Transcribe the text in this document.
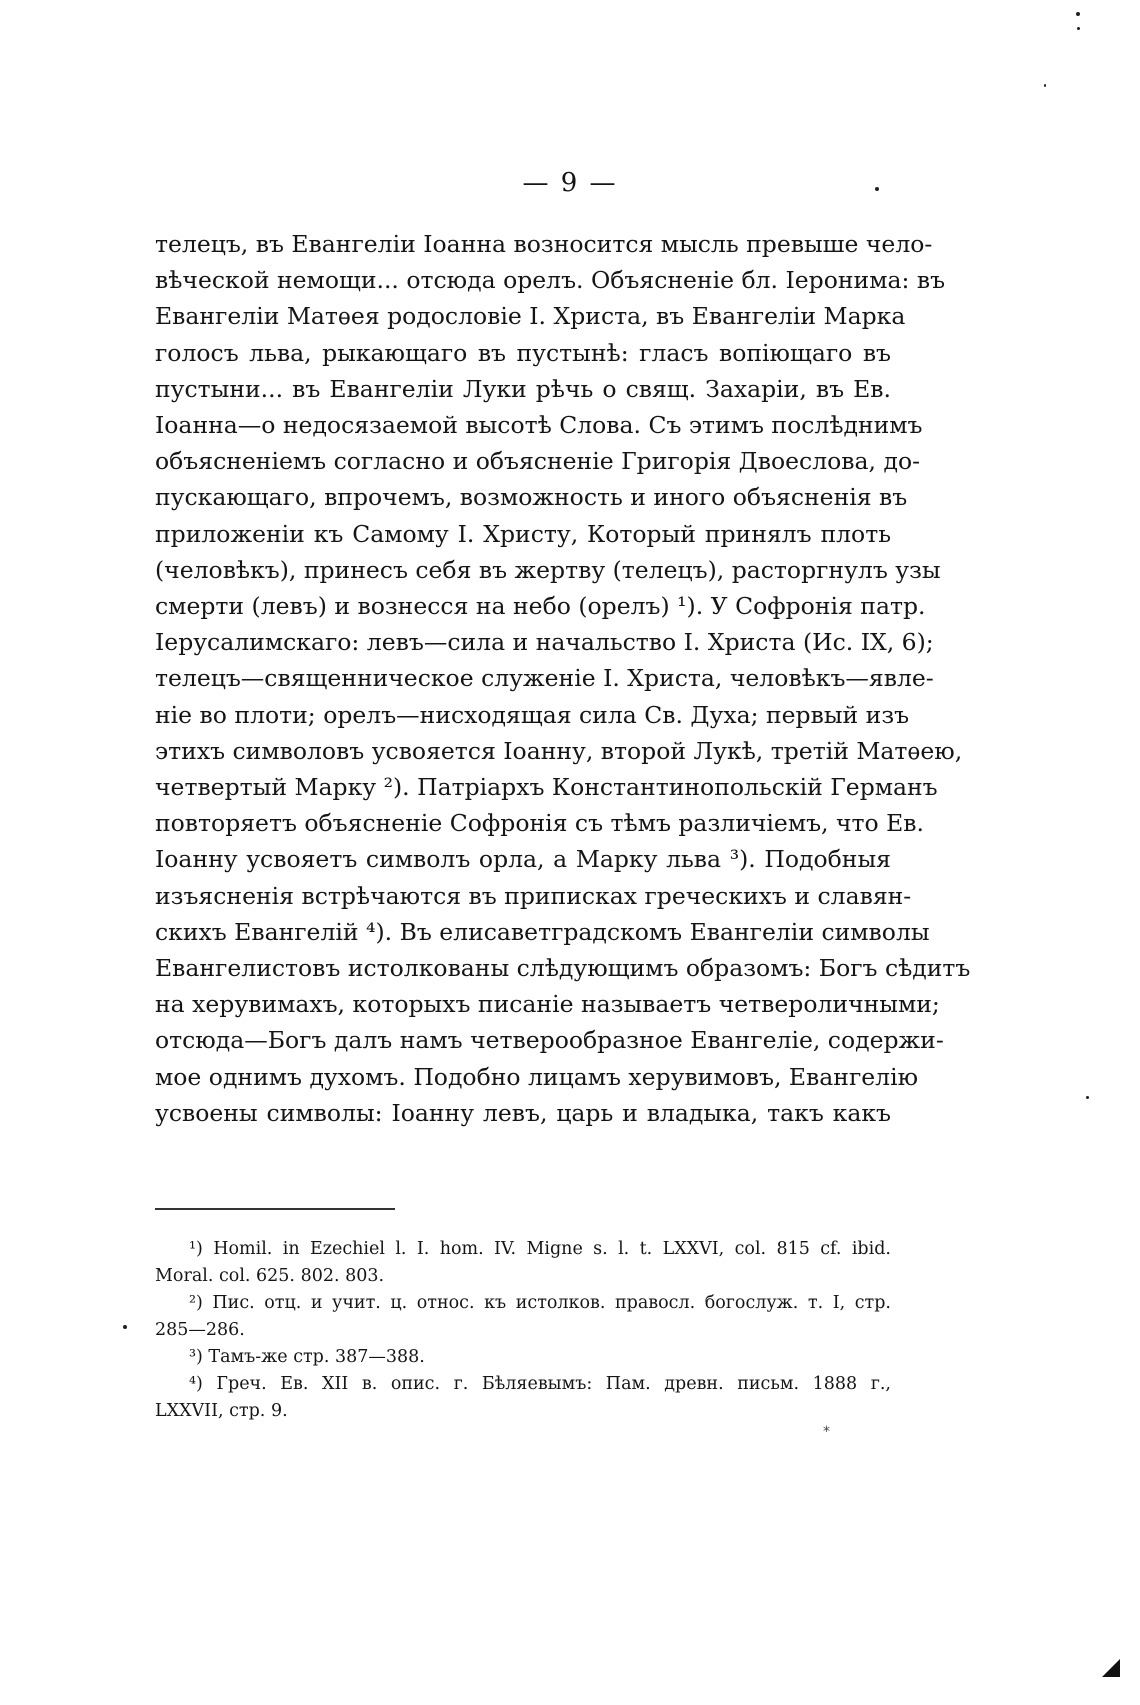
— 9 —
телецъ, въ Евангеліи Іоанна возносится мысль превыше чело-
вѣческой немощи... отсюда орелъ. Объясненіе бл. Іеронима: въ
Евангеліи Матѳея родословіе І. Христа, въ Евангеліи Марка
голосъ льва, рыкающаго въ пустынѣ: гласъ вопіющаго въ
пустыни... въ Евангеліи Луки рѣчь о свящ. Захаріи, въ Ев.
Іоанна—о недосязаемой высотѣ Слова. Съ этимъ послѣднимъ
объясненіемъ согласно и объясненіе Григорія Двоеслова, до-
пускающаго, впрочемъ, возможность и иного объясненія въ
приложеніи къ Самому І. Христу, Который принялъ плоть
(человѣкъ), принесъ себя въ жертву (телецъ), расторгнулъ узы
смерти (левъ) и вознесся на небо (орелъ) ¹). У Софронія патр.
Іерусалимскаго: левъ—сила и начальство І. Христа (Ис. IX, 6);
телецъ—священническое служеніе І. Христа, человѣкъ—явле-
ніе во плоти; орелъ—нисходящая сила Св. Духа; первый изъ
этихъ символовъ усвояется Іоанну, второй Лукѣ, третій Матѳею,
четвертый Марку ²). Патріархъ Константинопольскій Германъ
повторяетъ объясненіе Софронія съ тѣмъ различіемъ, что Ев.
Іоанну усвояетъ символъ орла, а Марку льва ³). Подобныя
изъясненія встрѣчаются въ приписках греческихъ и славян-
скихъ Евангелій ⁴). Въ елисаветградскомъ Евангеліи символы
Евангелистовъ истолкованы слѣдующимъ образомъ: Богъ сѣдитъ
на херувимахъ, которыхъ писаніе называетъ четвероличными;
отсюда—Богъ далъ намъ четверообразное Евангеліе, содержи-
мое однимъ духомъ. Подобно лицамъ херувимовъ, Евангелію
усвоены символы: Іоанну левъ, царь и владыка, такъ какъ
¹) Homil. in Ezechiel l. I. hom. IV. Migne s. l. t. LXXVI, col. 815 cf. ibid.
Moral. col. 625. 802. 803.
²) Пис. отц. и учит. ц. относ. къ истолков. правосл. богослуж. т. I, стр.
285—286.
³) Тамъ-же стр. 387—388.
⁴) Греч. Ев. XII в. опис. г. Бѣляевымъ: Пам. древн. письм. 1888 г.,
LXXVII, стр. 9.
*
